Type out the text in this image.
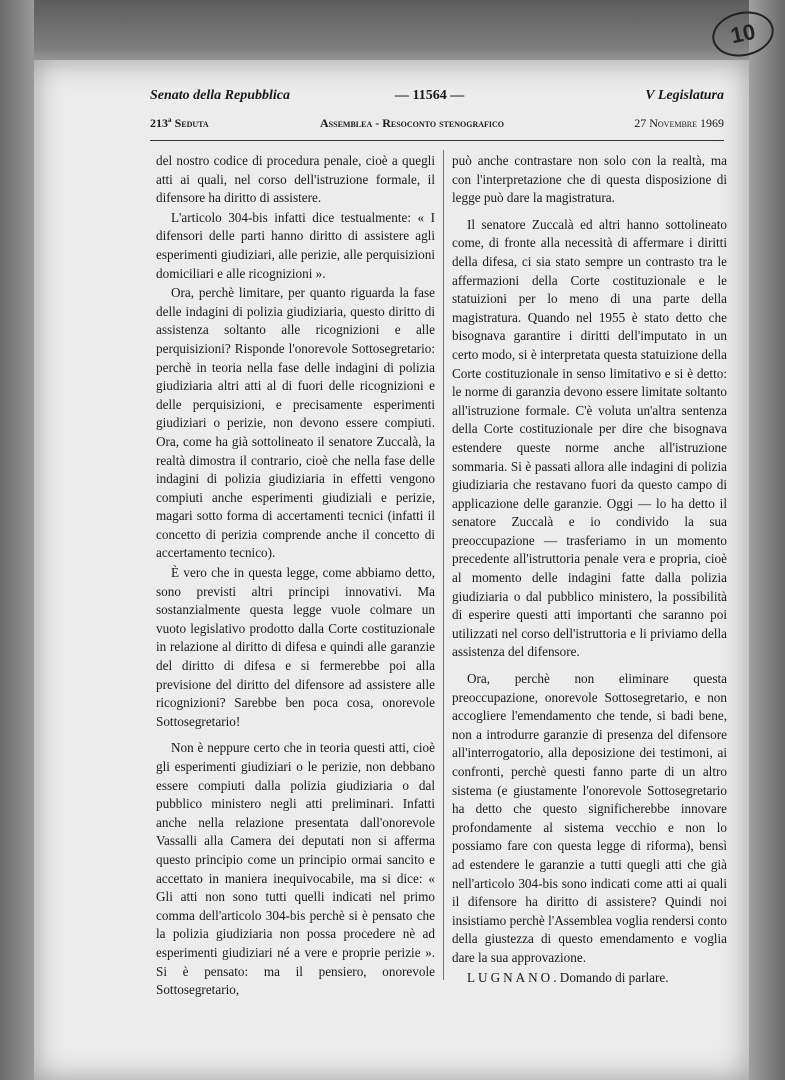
10
Senato della Repubblica	— 11564 —	V Legislatura
213ª Seduta	Assemblea - Resoconto stenografico	27 Novembre 1969

del nostro codice di procedura penale, cioè a quegli atti ai quali, nel corso dell'istruzione formale, il difensore ha diritto di assistere.

L'articolo 304-bis infatti dice testualmente: « I difensori delle parti hanno diritto di assistere agli esperimenti giudiziari, alle perizie, alle perquisizioni domiciliari e alle ricognizioni ».

Ora, perchè limitare, per quanto riguarda la fase delle indagini di polizia giudiziaria, questo diritto di assistenza soltanto alle ricognizioni e alle perquisizioni? Risponde l'onorevole Sottosegretario: perchè in teoria nella fase delle indagini di polizia giudiziaria altri atti al di fuori delle ricognizioni e delle perquisizioni, e precisamente esperimenti giudiziari o perizie, non devono essere compiuti. Ora, come ha già sottolineato il senatore Zuccalà, la realtà dimostra il contrario, cioè che nella fase delle indagini di polizia giudiziaria in effetti vengono compiuti anche esperimenti giudiziali e perizie, magari sotto forma di accertamenti tecnici (infatti il concetto di perizia comprende anche il concetto di accertamento tecnico).

È vero che in questa legge, come abbiamo detto, sono previsti altri principi innovativi. Ma sostanzialmente questa legge vuole colmare un vuoto legislativo prodotto dalla Corte costituzionale in relazione al diritto di difesa e quindi alle garanzie del diritto di difesa e si fermerebbe poi alla previsione del diritto del difensore ad assistere alle ricognizioni? Sarebbe ben poca cosa, onorevole Sottosegretario!

Non è neppure certo che in teoria questi atti, cioè gli esperimenti giudiziari o le perizie, non debbano essere compiuti dalla polizia giudiziaria o dal pubblico ministero negli atti preliminari. Infatti anche nella relazione presentata dall'onorevole Vassalli alla Camera dei deputati non si afferma questo principio come un principio ormai sancito e accettato in maniera inequivocabile, ma si dice: « Gli atti non sono tutti quelli indicati nel primo comma dell'articolo 304-bis perchè si è pensato che la polizia giudiziaria non possa procedere nè ad esperimenti giudiziari né a vere e proprie perizie ». Si è pensato: ma il pensiero, onorevole Sottosegretario,

può anche contrastare non solo con la realtà, ma con l'interpretazione che di questa disposizione di legge può dare la magistratura.

Il senatore Zuccalà ed altri hanno sottolineato come, di fronte alla necessità di affermare i diritti della difesa, ci sia stato sempre un contrasto tra le affermazioni della Corte costituzionale e le statuizioni per lo meno di una parte della magistratura. Quando nel 1955 è stato detto che bisognava garantire i diritti dell'imputato in un certo modo, si è interpretata questa statuizione della Corte costituzionale in senso limitativo e si è detto: le norme di garanzia devono essere limitate soltanto all'istruzione formale. C'è voluta un'altra sentenza della Corte costituzionale per dire che bisognava estendere queste norme anche all'istruzione sommaria. Si è passati allora alle indagini di polizia giudiziaria che restavano fuori da questo campo di applicazione delle garanzie. Oggi — lo ha detto il senatore Zuccalà e io condivido la sua preoccupazione — trasferiamo in un momento precedente all'istruttoria penale vera e propria, cioè al momento delle indagini fatte dalla polizia giudiziaria o dal pubblico ministero, la possibilità di esperire questi atti importanti che saranno poi utilizzati nel corso dell'istruttoria e li priviamo della assistenza del difensore.

Ora, perchè non eliminare questa preoccupazione, onorevole Sottosegretario, e non accogliere l'emendamento che tende, si badi bene, non a introdurre garanzie di presenza del difensore all'interrogatorio, alla deposizione dei testimoni, ai confronti, perchè questi fanno parte di un altro sistema (e giustamente l'onorevole Sottosegretario ha detto che questo significherebbe innovare profondamente al sistema vecchio e non lo possiamo fare con questa legge di riforma), bensì ad estendere le garanzie a tutti quegli atti che già nell'articolo 304-bis sono indicati come atti ai quali il difensore ha diritto di assistere? Quindi noi insistiamo perchè l'Assemblea voglia rendersi conto della giustezza di questo emendamento e voglia dare la sua approvazione.

LUGNANO. Domando di parlare.
